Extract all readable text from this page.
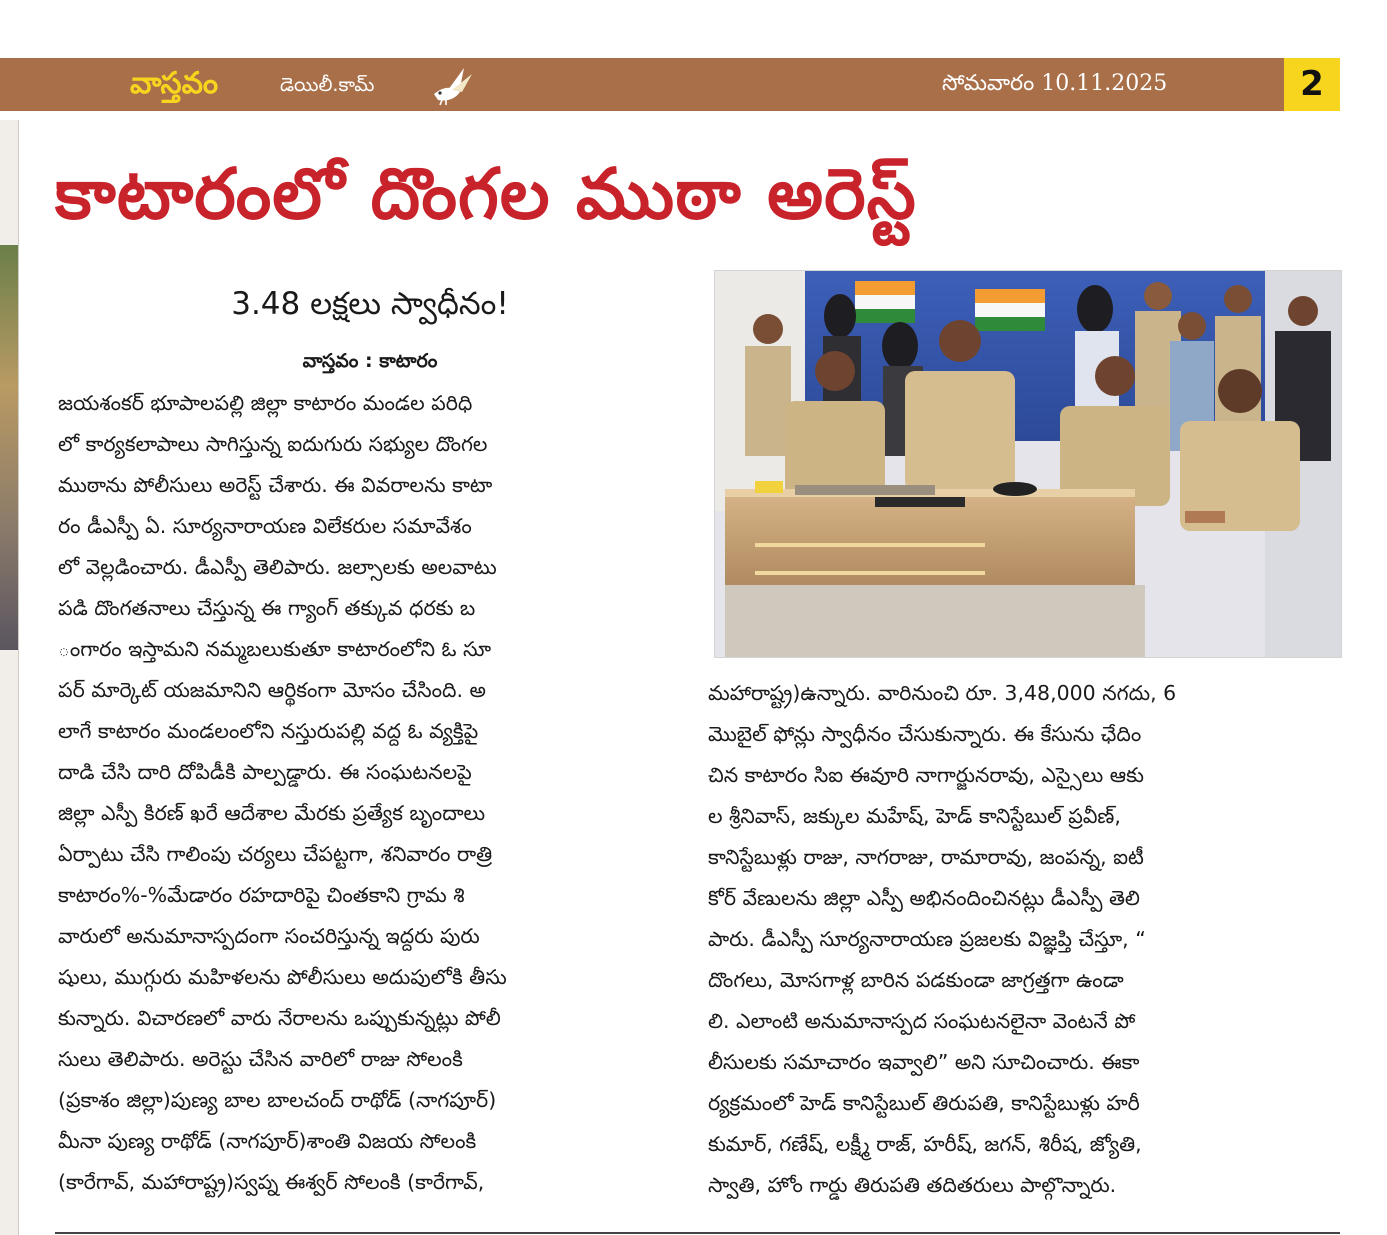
వాస్తవం	డెయిలీ.కామ్	సోమవారం 10.11.2025	2
కాటారంలో దొంగల ముఠా అరెస్ట్
3.48 లక్షలు స్వాధీనం!
వాస్తవం : కాటారం
జయశంకర్ భూపాలపల్లి జిల్లా కాటారం మండల పరిధి
లో కార్యకలాపాలు సాగిస్తున్న ఐదుగురు సభ్యుల దొంగల
ముఠాను పోలీసులు అరెస్ట్ చేశారు. ఈ వివరాలను కాటా
రం డీఎస్పీ ఏ. సూర్యనారాయణ విలేకరుల సమావేశం
లో వెల్లడించారు. డీఎస్పీ తెలిపారు. జల్సాలకు అలవాటు
పడి దొంగతనాలు చేస్తున్న ఈ గ్యాంగ్ తక్కువ ధరకు బ
ంగారం ఇస్తామని నమ్మబలుకుతూ కాటారంలోని ఓ సూ
పర్ మార్కెట్ యజమానిని ఆర్థికంగా మోసం చేసింది. అ
లాగే కాటారం మండలంలోని నస్తురుపల్లి వద్ద ఓ వ్యక్తిపై
దాడి చేసి దారి దోపిడీకి పాల్పడ్డారు. ఈ సంఘటనలపై
జిల్లా ఎస్పీ కిరణ్ ఖరే ఆదేశాల మేరకు ప్రత్యేక బృందాలు
ఏర్పాటు చేసి గాలింపు చర్యలు చేపట్టగా, శనివారం రాత్రి
కాటారం%-%మేడారం రహదారిపై చింతకాని గ్రామ శి
వారులో అనుమానాస్పదంగా సంచరిస్తున్న ఇద్దరు పురు
షులు, ముగ్గురు మహిళలను పోలీసులు అదుపులోకి తీసు
కున్నారు. విచారణలో వారు నేరాలను ఒప్పుకున్నట్లు పోలీ
సులు తెలిపారు. అరెస్టు చేసిన వారిలో రాజు సోలంకి
(ప్రకాశం జిల్లా)పుణ్య బాల బాలచంద్ రాథోడ్ (నాగపూర్)
మీనా పుణ్య రాథోడ్ (నాగపూర్)శాంతి విజయ సోలంకి
(కారేగావ్, మహారాష్ట్ర)స్వప్న ఈశ్వర్ సోలంకి (కారేగావ్,
మహారాష్ట్ర)ఉన్నారు. వారినుంచి రూ. 3,48,000 నగదు, 6
మొబైల్ ఫోన్లు స్వాధీనం చేసుకున్నారు. ఈ కేసును ఛేదిం
చిన కాటారం సిఐ ఈవూరి నాగార్జునరావు, ఎస్సైలు ఆకు
ల శ్రీనివాస్, జక్కుల మహేష్, హెడ్ కానిస్టేబుల్ ప్రవీణ్,
కానిస్టేబుళ్లు రాజు, నాగరాజు, రామారావు, జంపన్న, ఐటీ
కోర్ వేణులను జిల్లా ఎస్పీ అభినందించినట్లు డీఎస్పీ తెలి
పారు. డీఎస్పీ సూర్యనారాయణ ప్రజలకు విజ్ఞప్తి చేస్తూ, “
దొంగలు, మోసగాళ్ల బారిన పడకుండా జాగ్రత్తగా ఉండా
లి. ఎలాంటి అనుమానాస్పద సంఘటనలైనా వెంటనే పో
లీసులకు సమాచారం ఇవ్వాలి” అని సూచించారు. ఈకా
ర్యక్రమంలో హెడ్ కానిస్టేబుల్ తిరుపతి, కానిస్టేబుళ్లు హరీ
కుమార్, గణేష్, లక్ష్మీ రాజ్, హరీష్, జగన్, శిరీష, జ్యోతి,
స్వాతి, హోం గార్డు తిరుపతి తదితరులు పాల్గొన్నారు.
